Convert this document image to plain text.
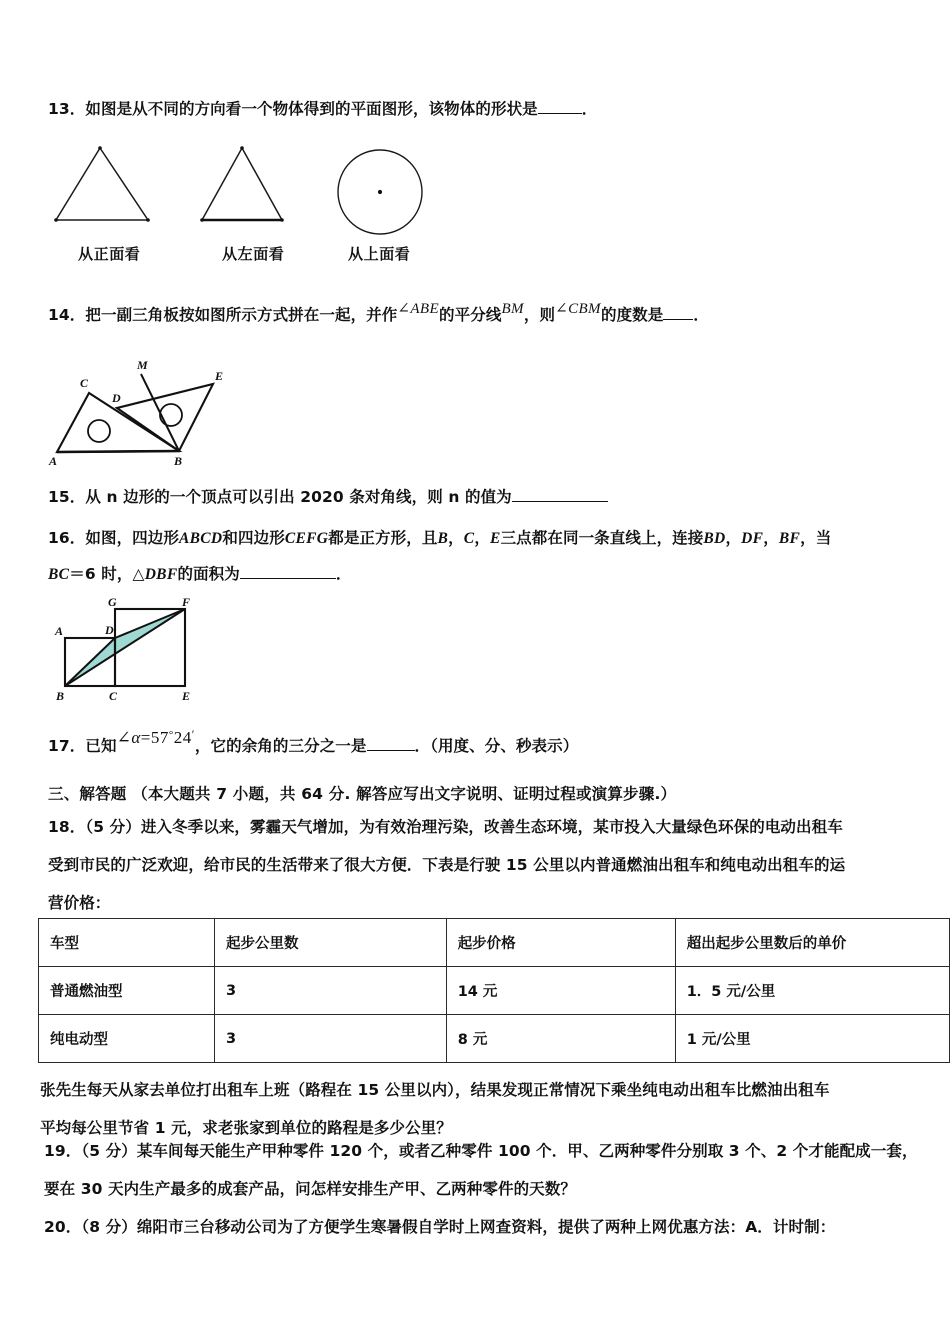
13．如图是从不同的方向看一个物体得到的平面图形，该物体的形状是	．
从正面看	从左面看	从上面看
14．把一副三角板按如图所示方式拼在一起，并作∠ABE的平分线BM，则∠CBM的度数是 ．
A	B
C
D
E
M
15．从 n 边形的一个顶点可以引出 2020 条对角线，则 n 的值为
16．如图，四边形ABCD和四边形CEFG都是正方形，且B，C，E三点都在同一条直线上，连接BD，DF，BF，当
BC＝6 时，△DBF的面积为	．
A
B	C
D
E
F
G
17．已知∠α=57°24′，它的余角的三分之一是	．（用度、分、秒表示）
三、解答题 （本大题共 7 小题，共 64 分. 解答应写出文字说明、证明过程或演算步骤.）
18．（5 分）进入冬季以来，雾霾天气增加，为有效治理污染，改善生态环境，某市投入大量绿色环保的电动出租车
受到市民的广泛欢迎，给市民的生活带来了很大方便．下表是行驶 15 公里以内普通燃油出租车和纯电动出租车的运
营价格：
车型	起步公里数	起步价格	超出起步公里数后的单价
普通燃油型	3	14 元	1．5 元/公里
纯电动型	3	8 元	1 元/公里
张先生每天从家去单位打出租车上班（路程在 15 公里以内），结果发现正常情况下乘坐纯电动出租车比燃油出租车
平均每公里节省 1 元，求老张家到单位的路程是多少公里？
19．（5 分）某车间每天能生产甲种零件 120 个，或者乙种零件 100 个．甲、乙两种零件分别取 3 个、2 个才能配成一套，
要在 30 天内生产最多的成套产品，问怎样安排生产甲、乙两种零件的天数？
20．（8 分）绵阳市三台移动公司为了方便学生寒暑假自学时上网查资料，提供了两种上网优惠方法：A．计时制：
